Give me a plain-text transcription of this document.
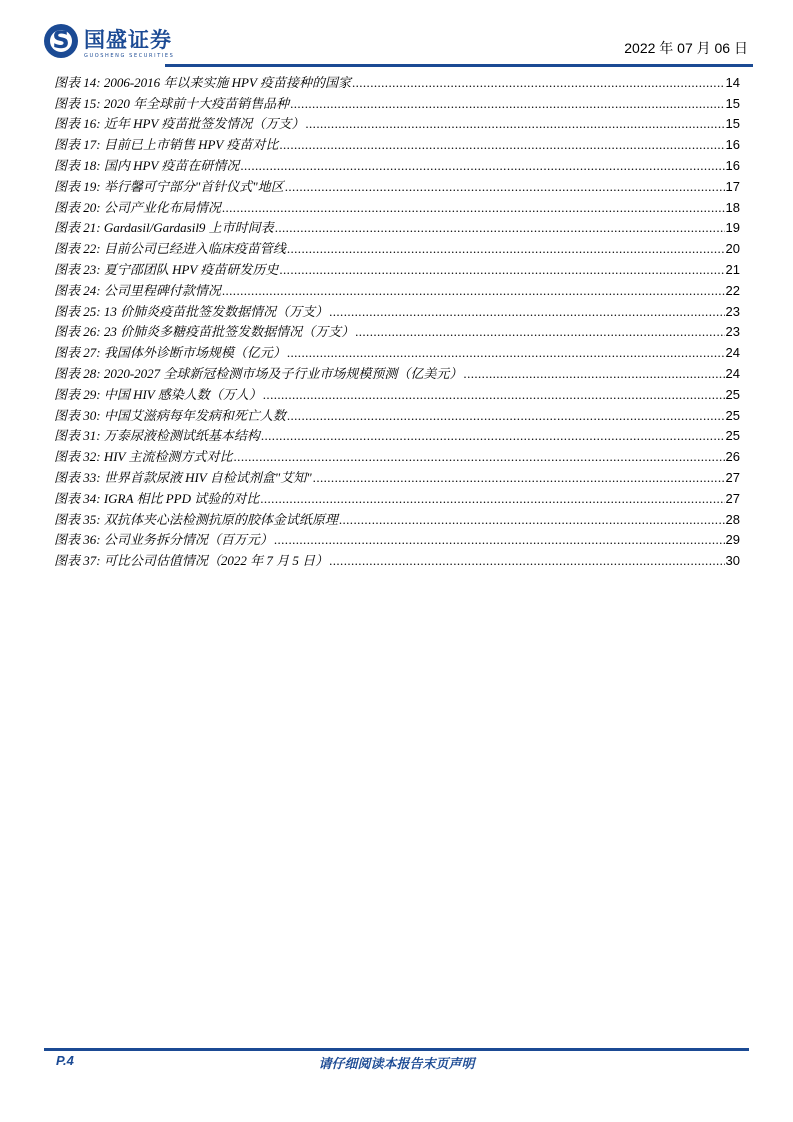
S
国盛证券
GUOSHENG SECURITIES	2022 年 07 月 06 日
图表 14: 2006-2016 年以来实施 HPV 疫苗接种的国家 .....	14
图表 15: 2020 年全球前十大疫苗销售品种 .....	15
图表 16: 近年 HPV 疫苗批签发情况（万支） .....	15
图表 17: 目前已上市销售 HPV 疫苗对比 .....	16
图表 18: 国内 HPV 疫苗在研情况 .....	16
图表 19: 举行馨可宁部分"首针仪式"地区 .....	17
图表 20: 公司产业化布局情况 .....	18
图表 21: Gardasil/Gardasil9 上市时间表 .....	19
图表 22: 目前公司已经进入临床疫苗管线 .....	20
图表 23: 夏宁邵团队 HPV 疫苗研发历史 .....	21
图表 24: 公司里程碑付款情况 .....	22
图表 25: 13 价肺炎疫苗批签发数据情况（万支） .....	23
图表 26: 23 价肺炎多糖疫苗批签发数据情况（万支） .....	23
图表 27: 我国体外诊断市场规模（亿元） .....	24
图表 28: 2020-2027 全球新冠检测市场及子行业市场规模预测（亿美元） .....	24
图表 29: 中国 HIV 感染人数（万人） .....	25
图表 30: 中国艾滋病每年发病和死亡人数 .....	25
图表 31: 万泰尿液检测试纸基本结构 .....	25
图表 32: HIV 主流检测方式对比 .....	26
图表 33: 世界首款尿液 HIV 自检试剂盒"艾知" .....	27
图表 34: IGRA 相比 PPD 试验的对比 .....	27
图表 35: 双抗体夹心法检测抗原的胶体金试纸原理 .....	28
图表 36: 公司业务拆分情况（百万元） .....	29
图表 37: 可比公司估值情况（2022 年 7 月 5 日） .....	30
P.4	请仔细阅读本报告末页声明
